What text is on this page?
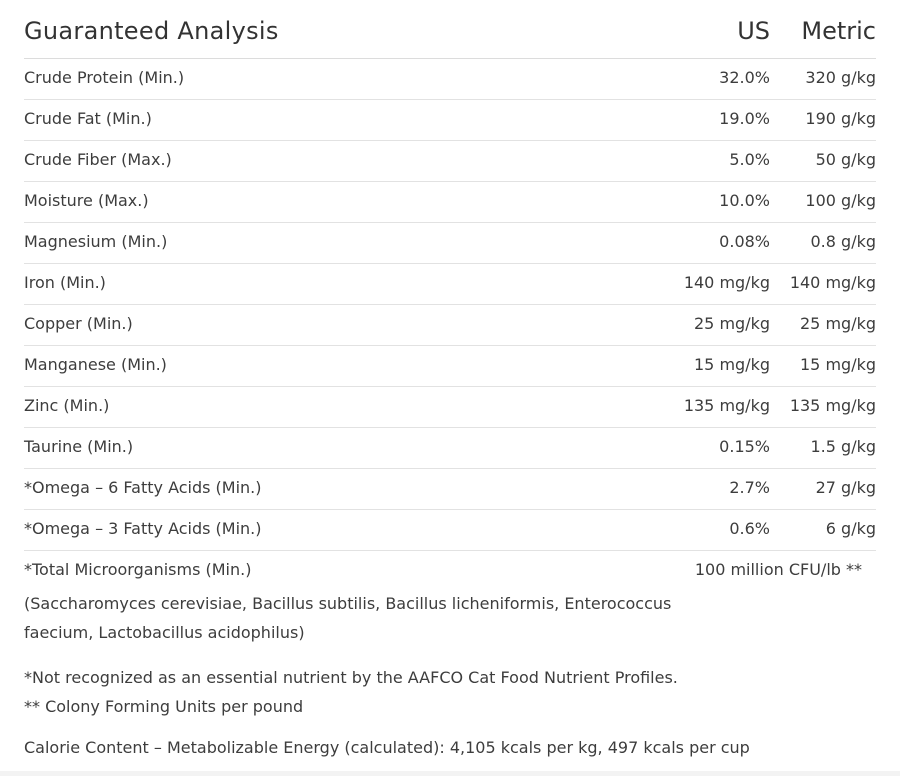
Guaranteed Analysis	US Metric
Crude Protein (Min.)	32.0% 320 g/kg
Crude Fat (Min.)	19.0% 190 g/kg
Crude Fiber (Max.)	5.0%	50 g/kg
Moisture (Max.)	10.0% 100 g/kg
Magnesium (Min.)	0.08%	0.8 g/kg
Iron (Min.)	140 mg/kg 140 mg/kg
Copper (Min.)	25 mg/kg 25 mg/kg
Manganese (Min.)	15 mg/kg 15 mg/kg
Zinc (Min.)	135 mg/kg 135 mg/kg
Taurine (Min.)	0.15%	1.5 g/kg
*Omega – 6 Fatty Acids (Min.)	2.7%	27 g/kg
*Omega – 3 Fatty Acids (Min.)	0.6%	6 g/kg
*Total Microorganisms (Min.)	100 million CFU/lb **
(Saccharomyces cerevisiae, Bacillus subtilis, Bacillus licheniformis, Enterococcus faecium, Lactobacillus acidophilus)
*Not recognized as an essential nutrient by the AAFCO Cat Food Nutrient Profiles.
** Colony Forming Units per pound
Calorie Content – Metabolizable Energy (calculated): 4,105 kcals per kg, 497 kcals per cup
